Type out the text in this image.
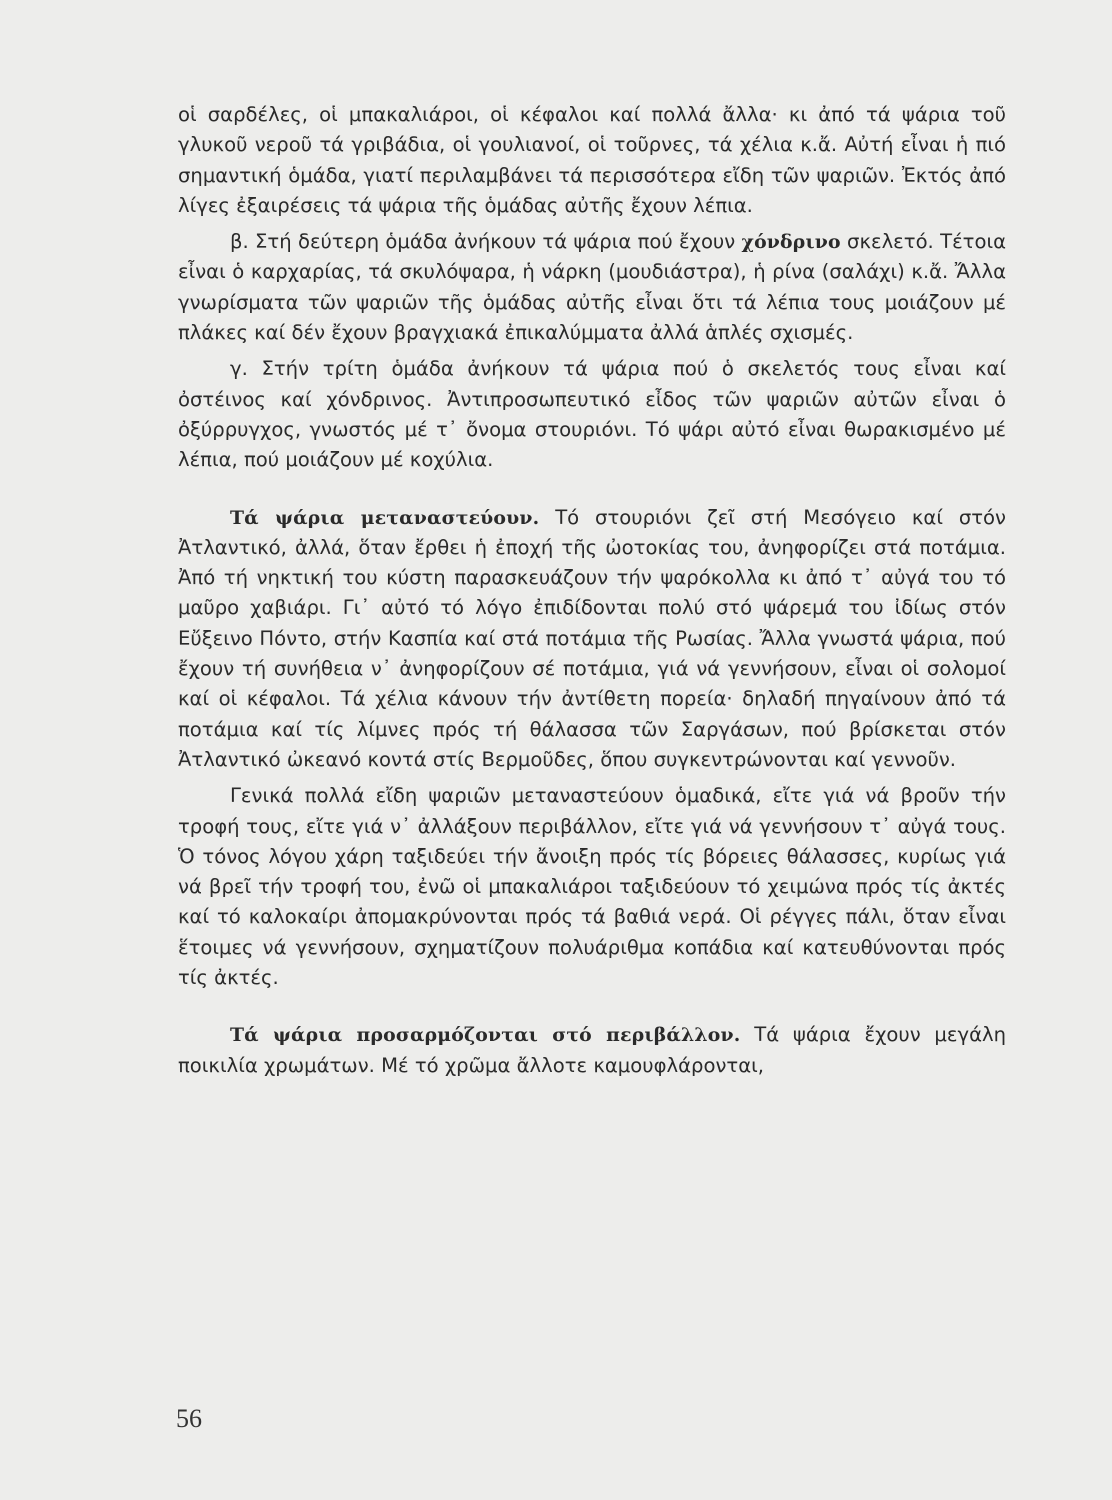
οἱ σαρδέλες, οἱ μπακαλιάροι, οἱ κέφαλοι καί πολλά ἄλλα· κι ἀπό τά ψάρια τοῦ γλυκοῦ νεροῦ τά γριβάδια, οἱ γουλιανοί, οἱ τοῦρνες, τά χέλια κ.ἄ. Αὐτή εἶναι ἡ πιό σημαντική ὁμάδα, γιατί περιλαμβάνει τά περισσότερα εἴδη τῶν ψαριῶν. Ἐκτός ἀπό λίγες ἐξαιρέσεις τά ψάρια τῆς ὁμάδας αὐτῆς ἔχουν λέπια.

β. Στή δεύτερη ὁμάδα ἀνήκουν τά ψάρια πού ἔχουν χόνδρινο σκελετό. Τέτοια εἶναι ὁ καρχαρίας, τά σκυλόψαρα, ἡ νάρκη (μουδιάστρα), ἡ ρίνα (σαλάχι) κ.ἄ. Ἄλλα γνωρίσματα τῶν ψαριῶν τῆς ὁμάδας αὐτῆς εἶναι ὅτι τά λέπια τους μοιάζουν μέ πλάκες καί δέν ἔχουν βραγχιακά ἐπικαλύμματα ἀλλά ἁπλές σχισμές.

γ. Στήν τρίτη ὁμάδα ἀνήκουν τά ψάρια πού ὁ σκελετός τους εἶναι καί ὀστέινος καί χόνδρινος. Ἀντιπροσωπευτικό εἶδος τῶν ψαριῶν αὐτῶν εἶναι ὁ ὀξύρρυγχος, γνωστός μέ τ᾽ ὄνομα στουριόνι. Τό ψάρι αὐτό εἶναι θωρακισμένο μέ λέπια, πού μοιάζουν μέ κοχύλια.

Τά ψάρια μεταναστεύουν. Τό στουριόνι ζεῖ στή Μεσόγειο καί στόν Ἀτλαντικό, ἀλλά, ὅταν ἔρθει ἡ ἐποχή τῆς ὠοτοκίας του, ἀνηφορίζει στά ποτάμια. Ἀπό τή νηκτική του κύστη παρασκευάζουν τήν ψαρόκολλα κι ἀπό τ᾽ αὐγά του τό μαῦρο χαβιάρι. Γι᾽ αὐτό τό λόγο ἐπιδίδονται πολύ στό ψάρεμά του ἰδίως στόν Εὔξεινο Πόντο, στήν Κασπία καί στά ποτάμια τῆς Ρωσίας. Ἄλλα γνωστά ψάρια, πού ἔχουν τή συνήθεια ν᾽ ἀνηφορίζουν σέ ποτάμια, γιά νά γεννήσουν, εἶναι οἱ σολομοί καί οἱ κέφαλοι. Τά χέλια κάνουν τήν ἀντίθετη πορεία· δηλαδή πηγαίνουν ἀπό τά ποτάμια καί τίς λίμνες πρός τή θάλασσα τῶν Σαργάσων, πού βρίσκεται στόν Ἀτλαντικό ὠκεανό κοντά στίς Βερμοῦδες, ὅπου συγκεντρώνονται καί γεννοῦν.

Γενικά πολλά εἴδη ψαριῶν μεταναστεύουν ὁμαδικά, εἴτε γιά νά βροῦν τήν τροφή τους, εἴτε γιά ν᾽ ἀλλάξουν περιβάλλον, εἴτε γιά νά γεννήσουν τ᾽ αὐγά τους. Ὁ τόνος λόγου χάρη ταξιδεύει τήν ἄνοιξη πρός τίς βόρειες θάλασσες, κυρίως γιά νά βρεῖ τήν τροφή του, ἐνῶ οἱ μπακαλιάροι ταξιδεύουν τό χειμώνα πρός τίς ἀκτές καί τό καλοκαίρι ἀπομακρύνονται πρός τά βαθιά νερά. Οἱ ρέγγες πάλι, ὅταν εἶναι ἕτοιμες νά γεννήσουν, σχηματίζουν πολυάριθμα κοπάδια καί κατευθύνονται πρός τίς ἀκτές.

Τά ψάρια προσαρμόζονται στό περιβάλλον. Τά ψάρια ἔχουν μεγάλη ποικιλία χρωμάτων. Μέ τό χρῶμα ἄλλοτε καμουφλάρονται,

56
